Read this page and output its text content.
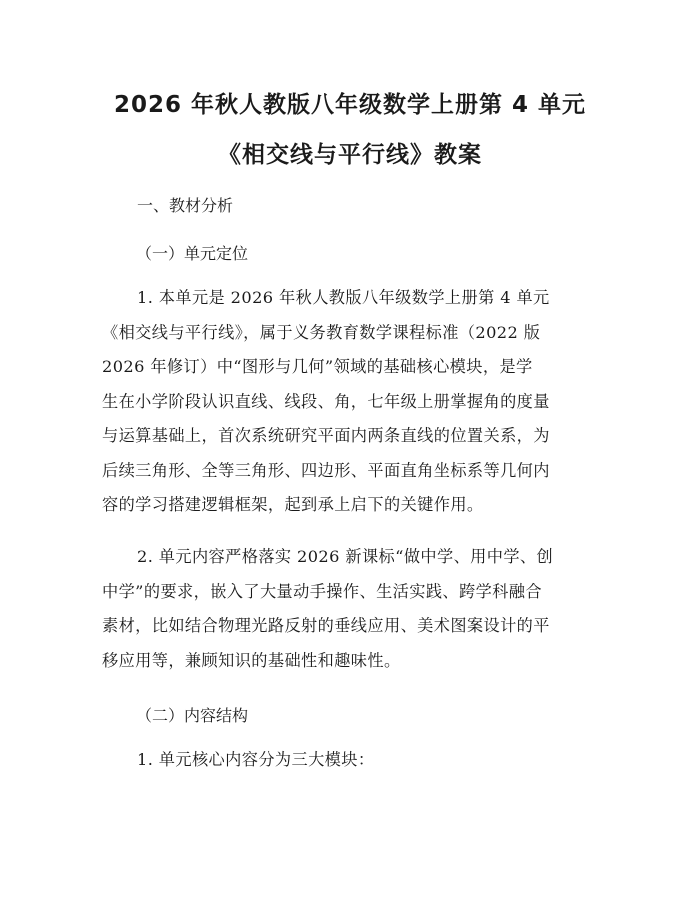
2026 年秋人教版八年级数学上册第 4 单元
《相交线与平行线》教案
一、教材分析
（一）单元定位
1. 本单元是 2026 年秋人教版八年级数学上册第 4 单元
《相交线与平行线》，属于义务教育数学课程标准（2022 版
2026 年修订）中“图形与几何”领域的基础核心模块，是学
生在小学阶段认识直线、线段、角，七年级上册掌握角的度量
与运算基础上，首次系统研究平面内两条直线的位置关系，为
后续三角形、全等三角形、四边形、平面直角坐标系等几何内
容的学习搭建逻辑框架，起到承上启下的关键作用。
2. 单元内容严格落实 2026 新课标“做中学、用中学、创
中学”的要求，嵌入了大量动手操作、生活实践、跨学科融合
素材，比如结合物理光路反射的垂线应用、美术图案设计的平
移应用等，兼顾知识的基础性和趣味性。
（二）内容结构
1. 单元核心内容分为三大模块：
